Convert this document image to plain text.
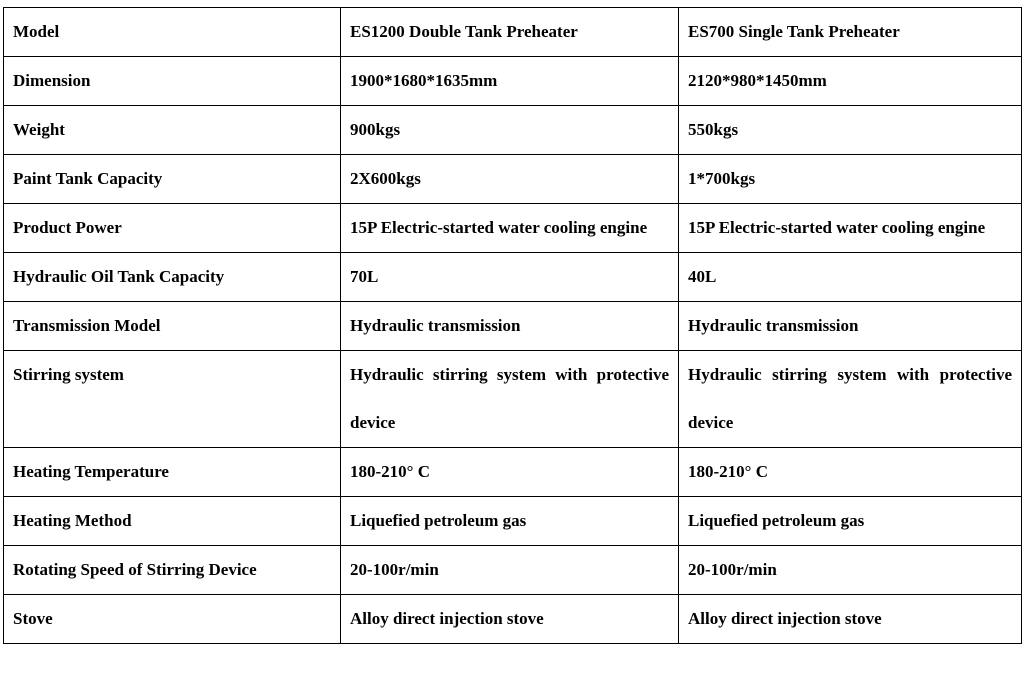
Model	ES1200 Double Tank Preheater	ES700 Single Tank Preheater
Dimension	1900*1680*1635mm	2120*980*1450mm
Weight	900kgs	550kgs
Paint Tank Capacity	2X600kgs	1*700kgs
Product Power	15P Electric-started water cooling engine	15P Electric-started water cooling engine
Hydraulic Oil Tank Capacity	70L	40L
Transmission Model	Hydraulic transmission	Hydraulic transmission
Stirring system	Hydraulic stirring system with protective device	Hydraulic stirring system with protective device
Heating Temperature	180-210° C	180-210° C
Heating Method	Liquefied petroleum gas	Liquefied petroleum gas
Rotating Speed of Stirring Device	20-100r/min	20-100r/min
Stove	Alloy direct injection stove	Alloy direct injection stove
